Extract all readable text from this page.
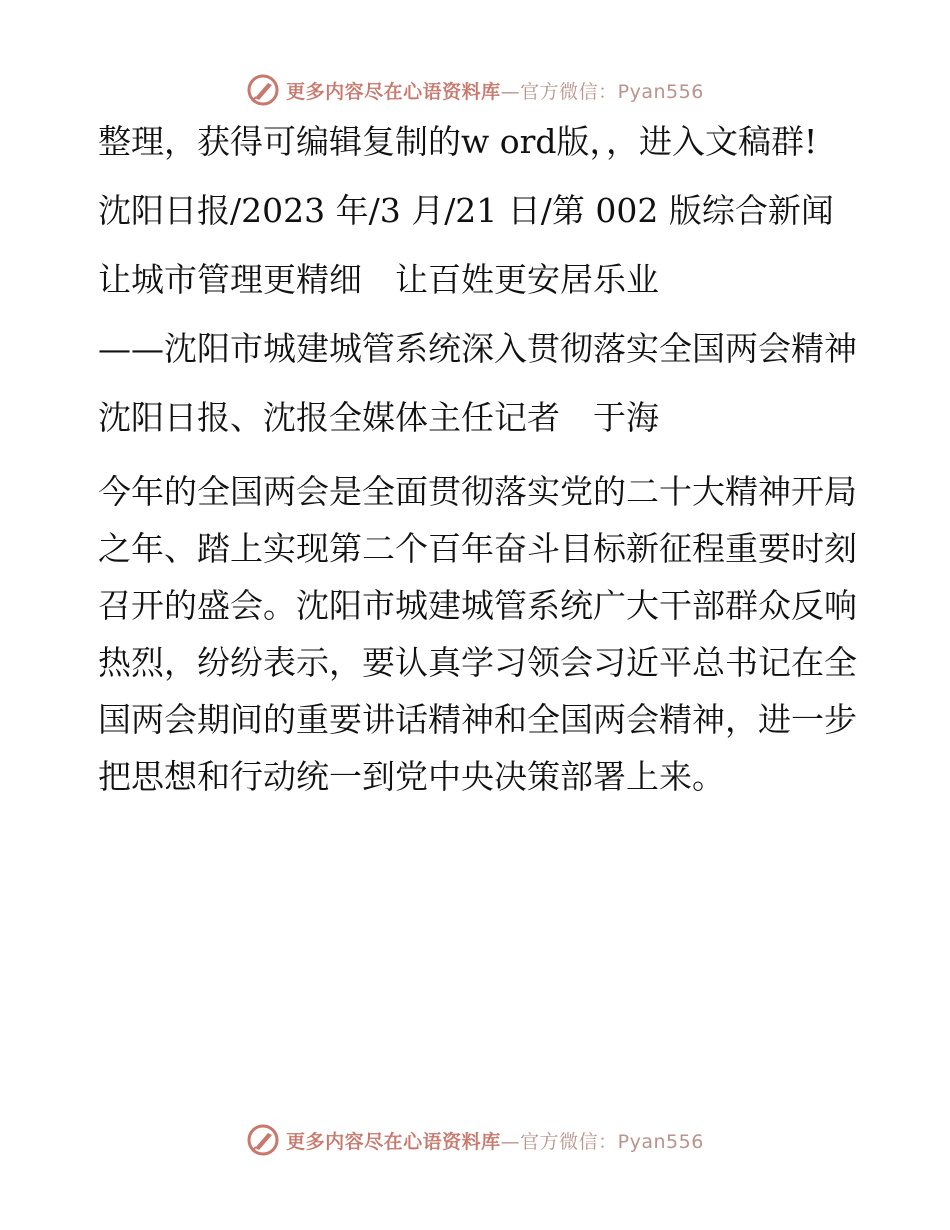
更多内容尽在心语资料库—官方微信：Pyan556

整理，获得可编辑复制的w ord版，，进入文稿群!

沈阳日报/2023 年/3 月/21 日/第 002 版综合新闻

让城市管理更精细　让百姓更安居乐业

——沈阳市城建城管系统深入贯彻落实全国两会精神

沈阳日报、沈报全媒体主任记者　于海

今年的全国两会是全面贯彻落实党的二十大精神开局之年、踏上实现第二个百年奋斗目标新征程重要时刻召开的盛会。沈阳市城建城管系统广大干部群众反响热烈，纷纷表示，要认真学习领会习近平总书记在全国两会期间的重要讲话精神和全国两会精神，进一步把思想和行动统一到党中央决策部署上来。

更多内容尽在心语资料库—官方微信：Pyan556
